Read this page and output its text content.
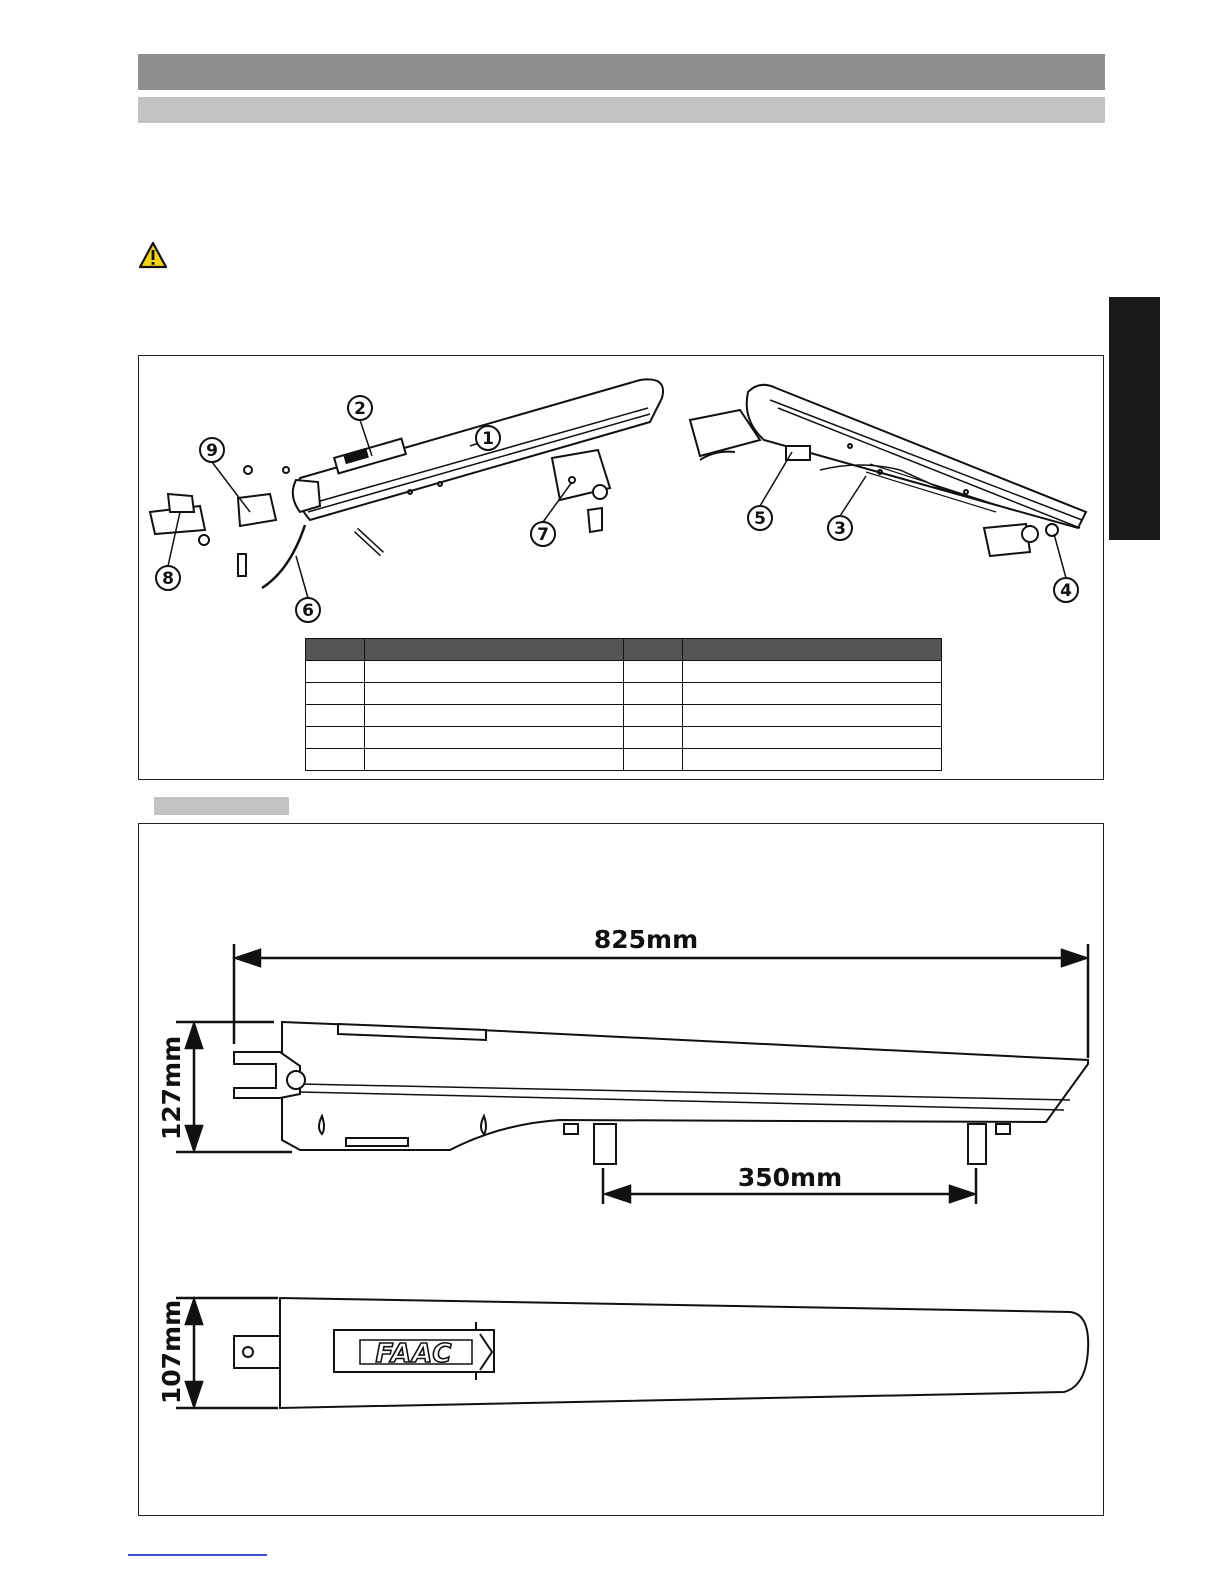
1
2
3
4
5
6
7
8
9
825mm
127mm
350mm
FAAC
107mm
